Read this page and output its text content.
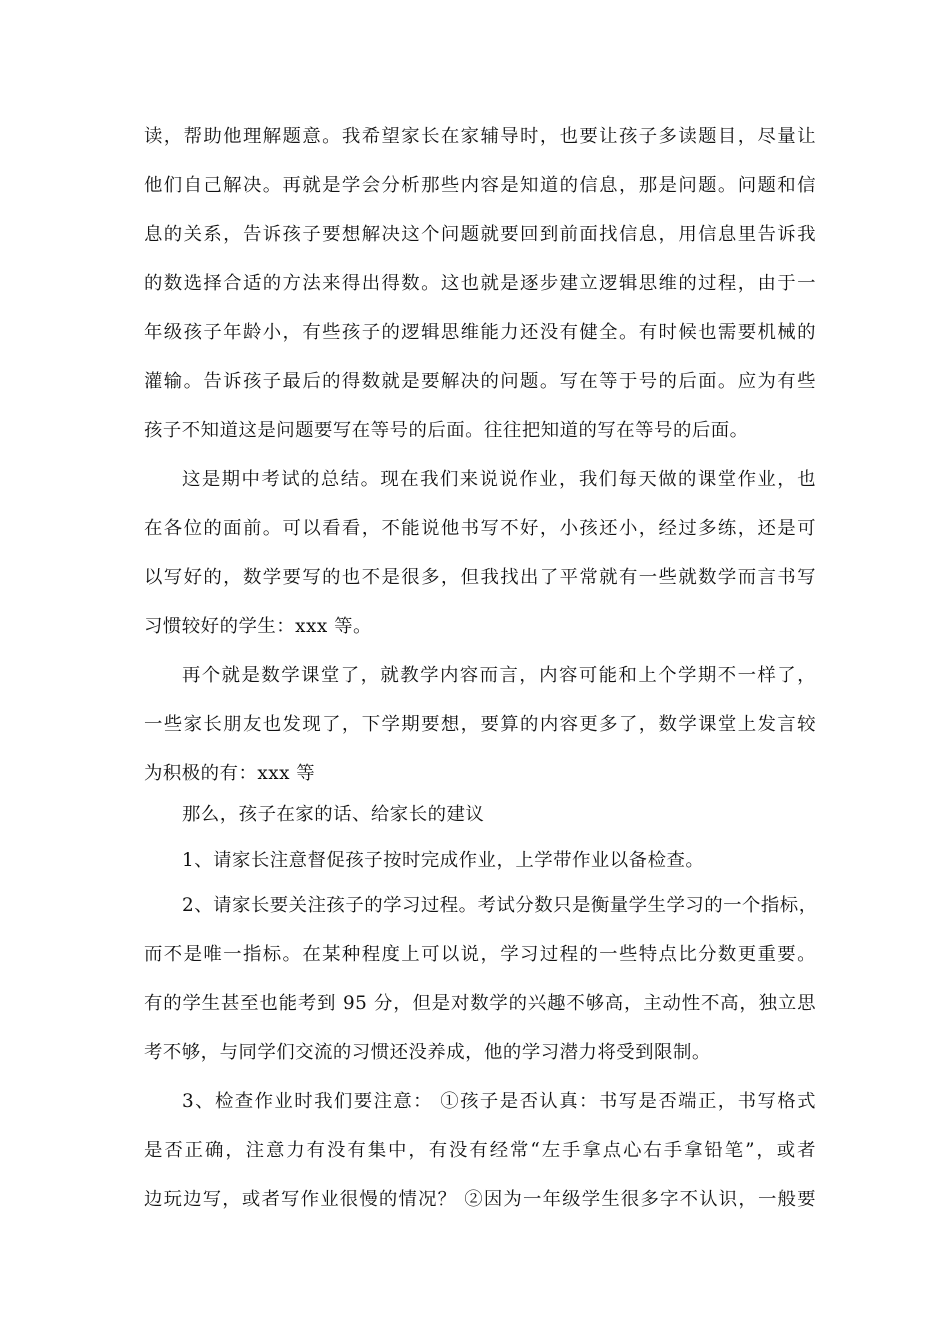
读，帮助他理解题意。我希望家长在家辅导时，也要让孩子多读题目，尽量让

他们自己解决。再就是学会分析那些内容是知道的信息，那是问题。问题和信

息的关系，告诉孩子要想解决这个问题就要回到前面找信息，用信息里告诉我

的数选择合适的方法来得出得数。这也就是逐步建立逻辑思维的过程，由于一

年级孩子年龄小，有些孩子的逻辑思维能力还没有健全。有时候也需要机械的

灌输。告诉孩子最后的得数就是要解决的问题。写在等于号的后面。应为有些

孩子不知道这是问题要写在等号的后面。往往把知道的写在等号的后面。

这是期中考试的总结。现在我们来说说作业，我们每天做的课堂作业，也

在各位的面前。可以看看，不能说他书写不好，小孩还小，经过多练，还是可

以写好的，数学要写的也不是很多，但我找出了平常就有一些就数学而言书写

习惯较好的学生：xxx 等。

再个就是数学课堂了，就教学内容而言，内容可能和上个学期不一样了，

一些家长朋友也发现了，下学期要想，要算的内容更多了，数学课堂上发言较

为积极的有：xxx 等

那么，孩子在家的话、给家长的建议

1、请家长注意督促孩子按时完成作业，上学带作业以备检查。

2、请家长要关注孩子的学习过程。考试分数只是衡量学生学习的一个指标，

而不是唯一指标。在某种程度上可以说，学习过程的一些特点比分数更重要。

有的学生甚至也能考到 95 分，但是对数学的兴趣不够高，主动性不高，独立思

考不够，与同学们交流的习惯还没养成，他的学习潜力将受到限制。

3、检查作业时我们要注意： ①孩子是否认真：书写是否端正，书写格式

是否正确，注意力有没有集中，有没有经常“左手拿点心右手拿铅笔”，或者

边玩边写，或者写作业很慢的情况？ ②因为一年级学生很多字不认识，一般要
